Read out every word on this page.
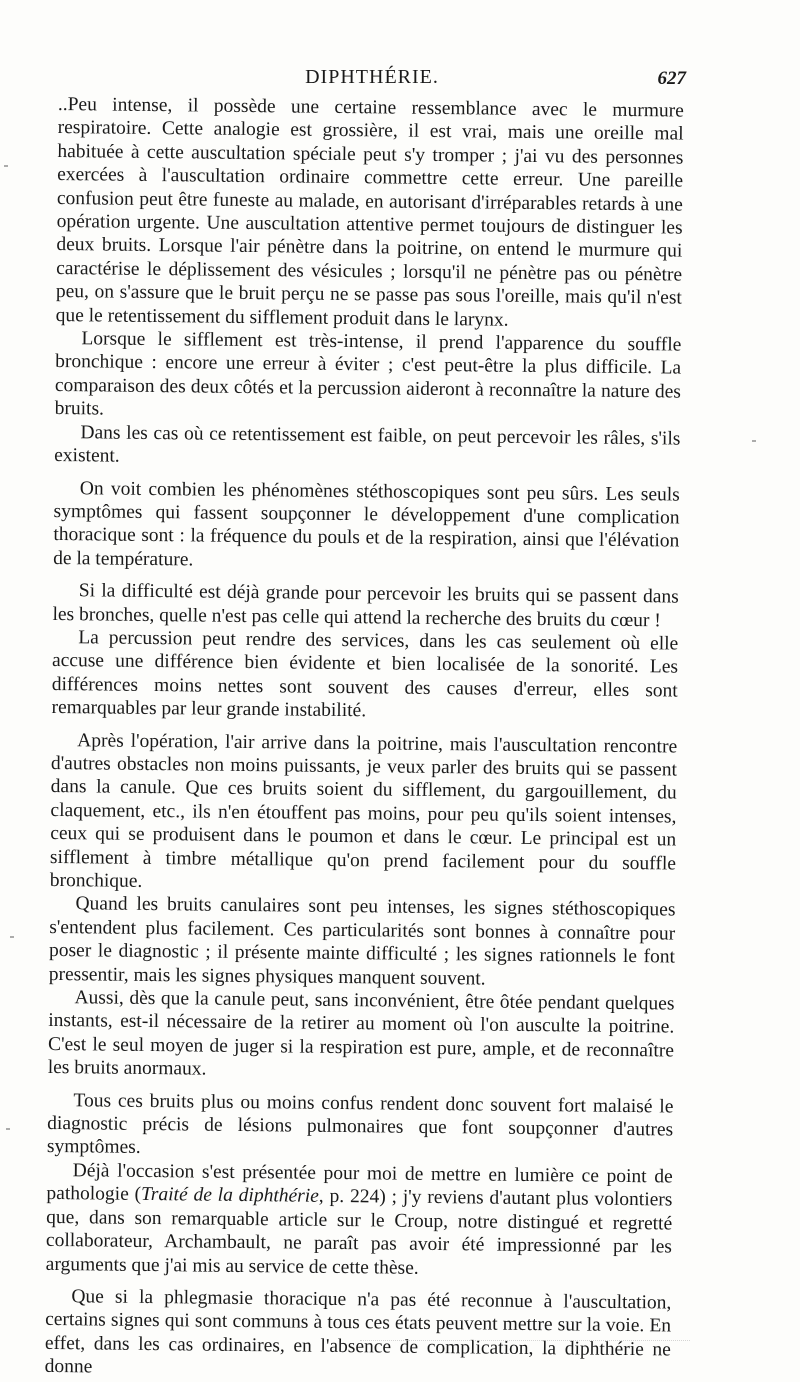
DIPHTHÉRIE.	627

..Peu intense, il possède une certaine ressemblance avec le murmure respiratoire. Cette analogie est grossière, il est vrai, mais une oreille mal habituée à cette auscultation spéciale peut s'y tromper ; j'ai vu des personnes exercées à l'auscultation ordinaire commettre cette erreur. Une pareille confusion peut être funeste au malade, en autorisant d'irréparables retards à une opération urgente. Une auscultation attentive permet toujours de distinguer les deux bruits. Lorsque l'air pénètre dans la poitrine, on entend le murmure qui caractérise le déplissement des vésicules ; lorsqu'il ne pénètre pas ou pénètre peu, on s'assure que le bruit perçu ne se passe pas sous l'oreille, mais qu'il n'est que le retentissement du sifflement produit dans le larynx.

Lorsque le sifflement est très-intense, il prend l'apparence du souffle bronchique : encore une erreur à éviter ; c'est peut-être la plus difficile. La comparaison des deux côtés et la percussion aideront à reconnaître la nature des bruits.

Dans les cas où ce retentissement est faible, on peut percevoir les râles, s'ils existent.

On voit combien les phénomènes stéthoscopiques sont peu sûrs. Les seuls symptômes qui fassent soupçonner le développement d'une complication thoracique sont : la fréquence du pouls et de la respiration, ainsi que l'élévation de la température.

Si la difficulté est déjà grande pour percevoir les bruits qui se passent dans les bronches, quelle n'est pas celle qui attend la recherche des bruits du cœur !

La percussion peut rendre des services, dans les cas seulement où elle accuse une différence bien évidente et bien localisée de la sonorité. Les différences moins nettes sont souvent des causes d'erreur, elles sont remarquables par leur grande instabilité.

Après l'opération, l'air arrive dans la poitrine, mais l'auscultation rencontre d'autres obstacles non moins puissants, je veux parler des bruits qui se passent dans la canule. Que ces bruits soient du sifflement, du gargouillement, du claquement, etc., ils n'en étouffent pas moins, pour peu qu'ils soient intenses, ceux qui se produisent dans le poumon et dans le cœur. Le principal est un sifflement à timbre métallique qu'on prend facilement pour du souffle bronchique.

Quand les bruits canulaires sont peu intenses, les signes stéthoscopiques s'entendent plus facilement. Ces particularités sont bonnes à connaître pour poser le diagnostic ; il présente mainte difficulté ; les signes rationnels le font pressentir, mais les signes physiques manquent souvent.

Aussi, dès que la canule peut, sans inconvénient, être ôtée pendant quelques instants, est-il nécessaire de la retirer au moment où l'on ausculte la poitrine. C'est le seul moyen de juger si la respiration est pure, ample, et de reconnaître les bruits anormaux.

Tous ces bruits plus ou moins confus rendent donc souvent fort malaisé le diagnostic précis de lésions pulmonaires que font soupçonner d'autres symptômes.

Déjà l'occasion s'est présentée pour moi de mettre en lumière ce point de pathologie (Traité de la diphthérie, p. 224) ; j'y reviens d'autant plus volontiers que, dans son remarquable article sur le Croup, notre distingué et regretté collaborateur, Archambault, ne paraît pas avoir été impressionné par les arguments que j'ai mis au service de cette thèse.

Que si la phlegmasie thoracique n'a pas été reconnue à l'auscultation, certains signes qui sont communs à tous ces états peuvent mettre sur la voie. En effet, dans les cas ordinaires, en l'absence de complication, la diphthérie ne donne
